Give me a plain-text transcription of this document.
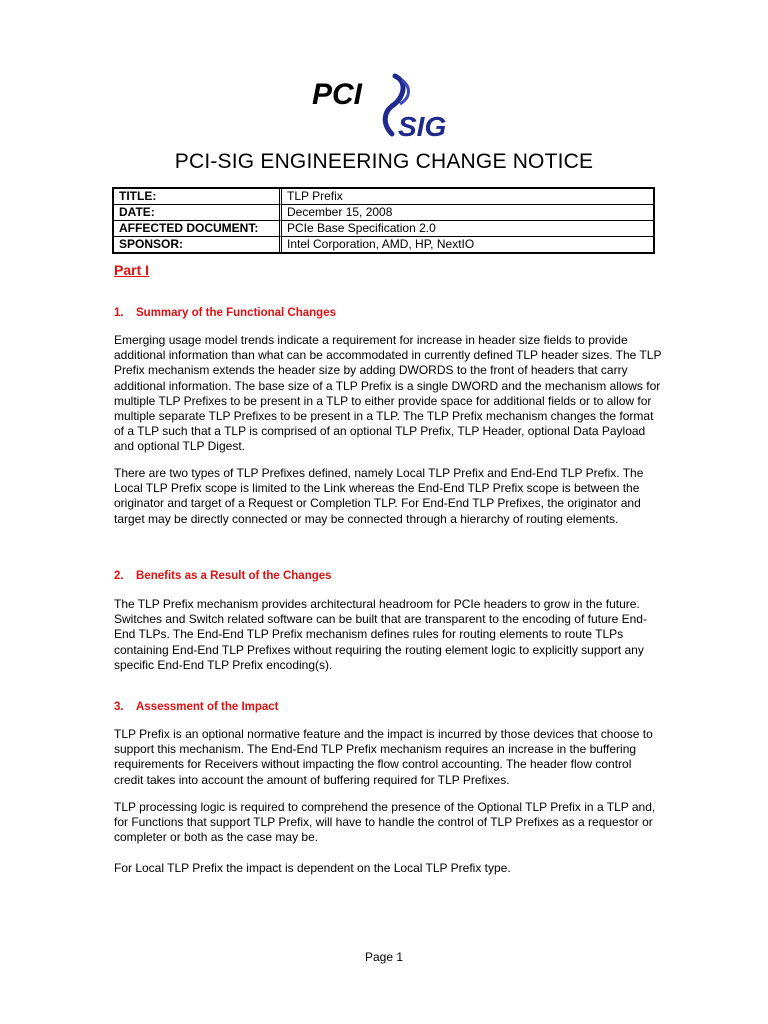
PCI
SIG
PCI-SIG ENGINEERING CHANGE NOTICE
TITLE:	TLP Prefix
DATE:	December 15, 2008
AFFECTED DOCUMENT:	PCIe Base Specification 2.0
SPONSOR:	Intel Corporation, AMD, HP, NextIO
Part I
1. Summary of the Functional Changes
Emerging usage model trends indicate a requirement for increase in header size fields to provide additional information than what can be accommodated in currently defined TLP header sizes. The TLP Prefix mechanism extends the header size by adding DWORDS to the front of headers that carry additional information. The base size of a TLP Prefix is a single DWORD and the mechanism allows for multiple TLP Prefixes to be present in a TLP to either provide space for additional fields or to allow for multiple separate TLP Prefixes to be present in a TLP. The TLP Prefix mechanism changes the format of a TLP such that a TLP is comprised of an optional TLP Prefix, TLP Header, optional Data Payload and optional TLP Digest.
There are two types of TLP Prefixes defined, namely Local TLP Prefix and End-End TLP Prefix. The Local TLP Prefix scope is limited to the Link whereas the End-End TLP Prefix scope is between the originator and target of a Request or Completion TLP. For End-End TLP Prefixes, the originator and target may be directly connected or may be connected through a hierarchy of routing elements.
2. Benefits as a Result of the Changes
The TLP Prefix mechanism provides architectural headroom for PCIe headers to grow in the future. Switches and Switch related software can be built that are transparent to the encoding of future End-End TLPs. The End-End TLP Prefix mechanism defines rules for routing elements to route TLPs containing End-End TLP Prefixes without requiring the routing element logic to explicitly support any specific End-End TLP Prefix encoding(s).
3. Assessment of the Impact
TLP Prefix is an optional normative feature and the impact is incurred by those devices that choose to support this mechanism. The End-End TLP Prefix mechanism requires an increase in the buffering requirements for Receivers without impacting the flow control accounting. The header flow control credit takes into account the amount of buffering required for TLP Prefixes.
TLP processing logic is required to comprehend the presence of the Optional TLP Prefix in a TLP and, for Functions that support TLP Prefix, will have to handle the control of TLP Prefixes as a requestor or completer or both as the case may be.
For Local TLP Prefix the impact is dependent on the Local TLP Prefix type.
Page 1
